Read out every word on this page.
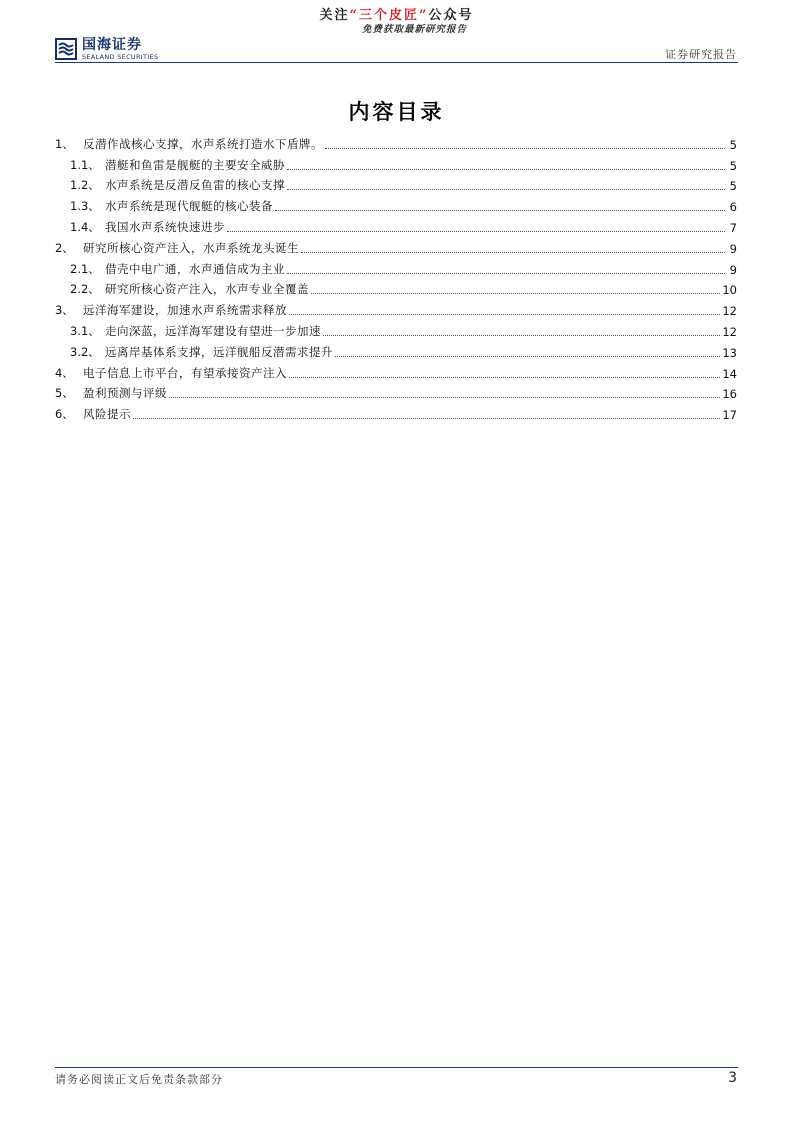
关注“三个皮匠”公众号
免费获取最新研究报告
国海证券
SEALAND SECURITIES	证券研究报告
内容目录
1、 反潜作战核心支撑，水声系统打造水下盾牌。	5
1.1、 潜艇和鱼雷是舰艇的主要安全威胁	5
1.2、 水声系统是反潜反鱼雷的核心支撑	5
1.3、 水声系统是现代舰艇的核心装备	6
1.4、 我国水声系统快速进步	7
2、 研究所核心资产注入，水声系统龙头诞生	9
2.1、 借壳中电广通，水声通信成为主业	9
2.2、 研究所核心资产注入，水声专业全覆盖	10
3、 远洋海军建设，加速水声系统需求释放	12
3.1、 走向深蓝，远洋海军建设有望进一步加速	12
3.2、 远离岸基体系支撑，远洋舰船反潜需求提升	13
4、 电子信息上市平台，有望承接资产注入	14
5、 盈利预测与评级	16
6、 风险提示	17
请务必阅读正文后免责条款部分	3
